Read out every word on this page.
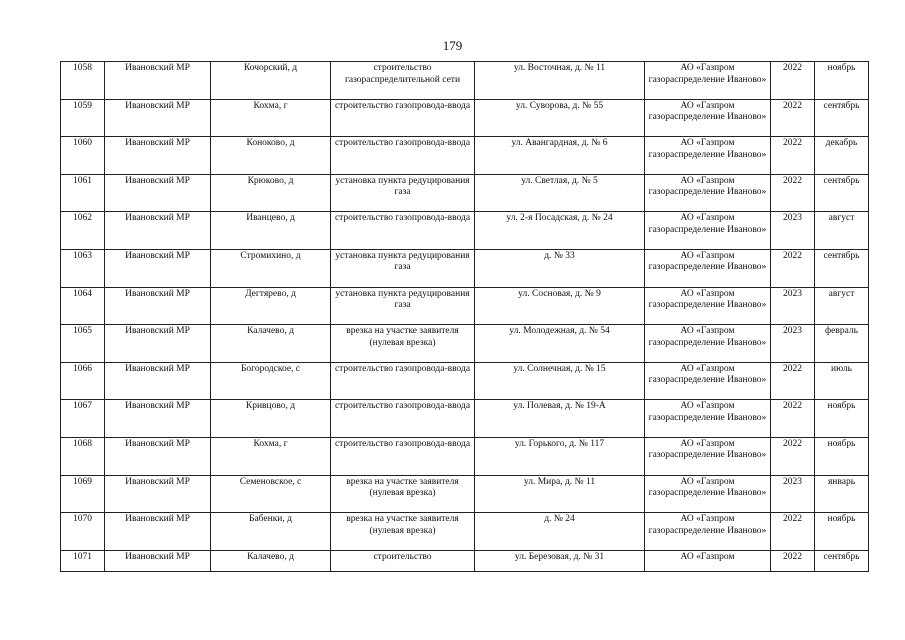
179
1058	Ивановский МР	Кочорский, д	строительство газораспределительной сети	ул. Восточная, д. № 11	АО «Газпром газораспределение Иваново»	2022	ноябрь
1059	Ивановский МР	Кохма, г	строительство газопровода-ввода	ул. Суворова, д. № 55	АО «Газпром газораспределение Иваново»	2022	сентябрь
1060	Ивановский МР	Коноково, д	строительство газопровода-ввода	ул. Авангардная, д. № 6	АО «Газпром газораспределение Иваново»	2022	декабрь
1061	Ивановский МР	Крюково, д	установка пункта редуцирования газа	ул. Светлая, д. № 5	АО «Газпром газораспределение Иваново»	2022	сентябрь
1062	Ивановский МР	Иванцево, д	строительство газопровода-ввода	ул. 2-я Посадская, д. № 24	АО «Газпром газораспределение Иваново»	2023	август
1063	Ивановский МР	Стромихино, д	установка пункта редуцирования газа	д. № 33	АО «Газпром газораспределение Иваново»	2022	сентябрь
1064	Ивановский МР	Дегтярево, д	установка пункта редуцирования газа	ул. Сосновая, д. № 9	АО «Газпром газораспределение Иваново»	2023	август
1065	Ивановский МР	Калачево, д	врезка на участке заявителя (нулевая врезка)	ул. Молодежная, д. № 54	АО «Газпром газораспределение Иваново»	2023	февраль
1066	Ивановский МР	Богородское, с	строительство газопровода-ввода	ул. Солнечная, д. № 15	АО «Газпром газораспределение Иваново»	2022	июль
1067	Ивановский МР	Кривцово, д	строительство газопровода-ввода	ул. Полевая, д. № 19-А	АО «Газпром газораспределение Иваново»	2022	ноябрь
1068	Ивановский МР	Кохма, г	строительство газопровода-ввода	ул. Горького, д. № 117	АО «Газпром газораспределение Иваново»	2022	ноябрь
1069	Ивановский МР	Семеновское, с	врезка на участке заявителя (нулевая врезка)	ул. Мира, д. № 11	АО «Газпром газораспределение Иваново»	2023	январь
1070	Ивановский МР	Бабенки, д	врезка на участке заявителя (нулевая врезка)	д. № 24	АО «Газпром газораспределение Иваново»	2022	ноябрь
1071	Ивановский МР	Калачево, д	строительство	ул. Березовая, д. № 31	АО «Газпром	2022	сентябрь
